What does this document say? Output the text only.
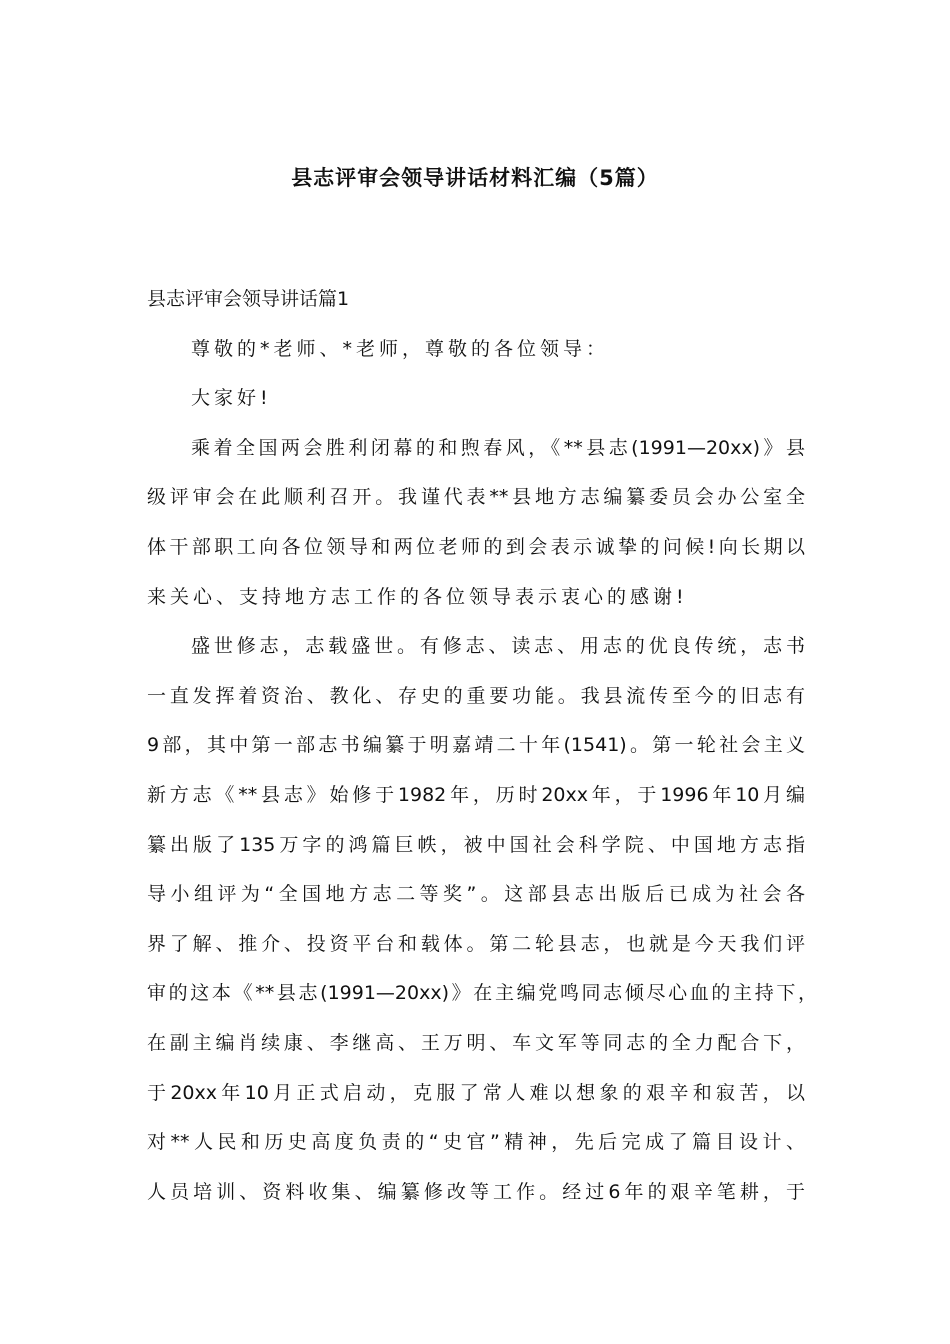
县志评审会领导讲话材料汇编（5篇）
县志评审会领导讲话篇1
尊敬的*老师、*老师，尊敬的各位领导：
大家好!
乘着全国两会胜利闭幕的和煦春风，《**县志(1991—20xx)》县
级评审会在此顺利召开。我谨代表**县地方志编纂委员会办公室全
体干部职工向各位领导和两位老师的到会表示诚挚的问候!向长期以
来关心、支持地方志工作的各位领导表示衷心的感谢!
盛世修志，志载盛世。有修志、读志、用志的优良传统，志书
一直发挥着资治、教化、存史的重要功能。我县流传至今的旧志有
9部，其中第一部志书编纂于明嘉靖二十年(1541)。第一轮社会主义
新方志《**县志》始修于1982年，历时20xx年，于1996年10月编
纂出版了135万字的鸿篇巨帙，被中国社会科学院、中国地方志指
导小组评为“全国地方志二等奖”。这部县志出版后已成为社会各
界了解、推介、投资平台和载体。第二轮县志，也就是今天我们评
审的这本《**县志(1991—20xx)》在主编党鸣同志倾尽心血的主持下，
在副主编肖续康、李继高、王万明、车文军等同志的全力配合下，
于20xx年10月正式启动，克服了常人难以想象的艰辛和寂苦，以
对**人民和历史高度负责的“史官”精神，先后完成了篇目设计、
人员培训、资料收集、编纂修改等工作。经过6年的艰辛笔耕，于
